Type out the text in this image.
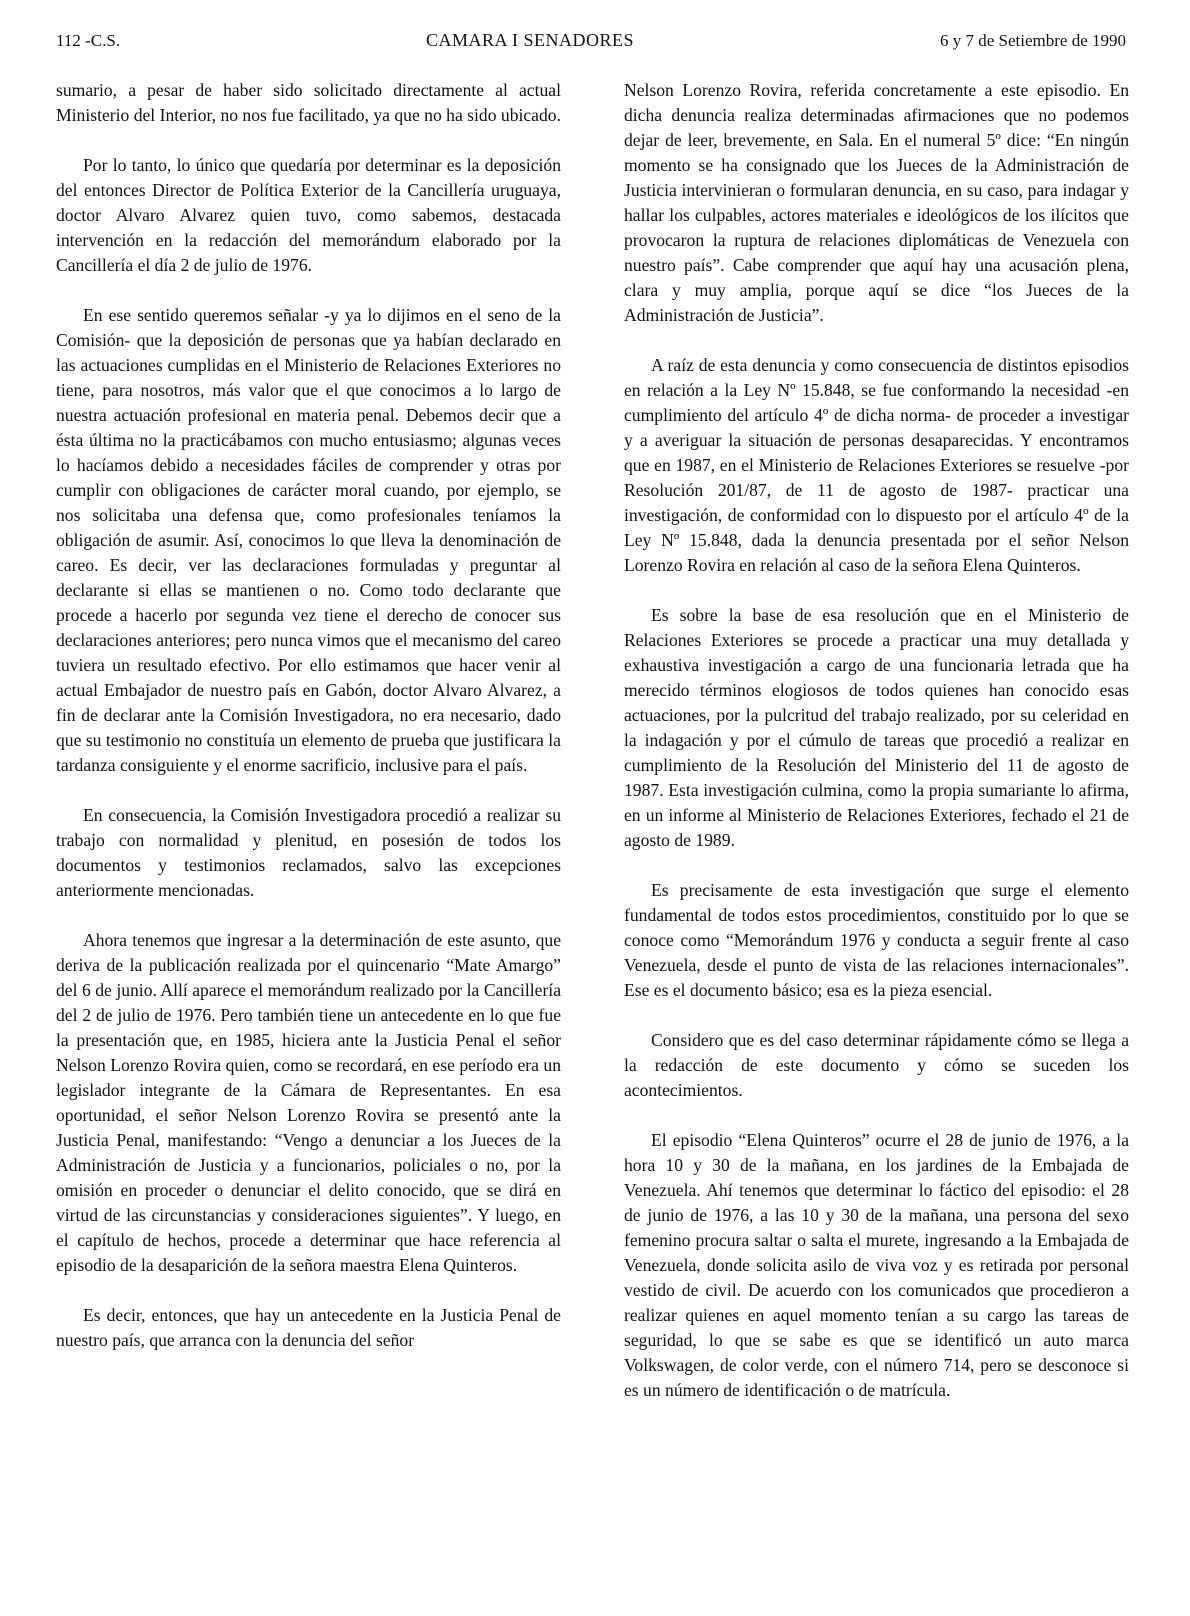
112 -C.S.	CAMARA I SENADORES	6 y 7 de Setiembre de 1990

sumario, a pesar de haber sido solicitado directamente al actual Ministerio del Interior, no nos fue facilitado, ya que no ha sido ubicado.

Por lo tanto, lo único que quedaría por determinar es la deposición del entonces Director de Política Exterior de la Cancillería uruguaya, doctor Alvaro Alvarez quien tuvo, como sabemos, destacada intervención en la redacción del memorándum elaborado por la Cancillería el día 2 de julio de 1976.

En ese sentido queremos señalar -y ya lo dijimos en el seno de la Comisión- que la deposición de personas que ya habían declarado en las actuaciones cumplidas en el Ministerio de Relaciones Exteriores no tiene, para nosotros, más valor que el que conocimos a lo largo de nuestra actuación profesional en materia penal. Debemos decir que a ésta última no la practicábamos con mucho entusiasmo; algunas veces lo hacíamos debido a necesidades fáciles de comprender y otras por cumplir con obligaciones de carácter moral cuando, por ejemplo, se nos solicitaba una defensa que, como profesionales teníamos la obligación de asumir. Así, conocimos lo que lleva la denominación de careo. Es decir, ver las declaraciones formuladas y preguntar al declarante si ellas se mantienen o no. Como todo declarante que procede a hacerlo por segunda vez tiene el derecho de conocer sus declaraciones anteriores; pero nunca vimos que el mecanismo del careo tuviera un resultado efectivo. Por ello estimamos que hacer venir al actual Embajador de nuestro país en Gabón, doctor Alvaro Alvarez, a fin de declarar ante la Comisión Investigadora, no era necesario, dado que su testimonio no constituía un elemento de prueba que justificara la tardanza consiguiente y el enorme sacrificio, inclusive para el país.

En consecuencia, la Comisión Investigadora procedió a realizar su trabajo con normalidad y plenitud, en posesión de todos los documentos y testimonios reclamados, salvo las excepciones anteriormente mencionadas.

Ahora tenemos que ingresar a la determinación de este asunto, que deriva de la publicación realizada por el quincenario “Mate Amargo” del 6 de junio. Allí aparece el memorándum realizado por la Cancillería del 2 de julio de 1976. Pero también tiene un antecedente en lo que fue la presentación que, en 1985, hiciera ante la Justicia Penal el señor Nelson Lorenzo Rovira quien, como se recordará, en ese período era un legislador integrante de la Cámara de Representantes. En esa oportunidad, el señor Nelson Lorenzo Rovira se presentó ante la Justicia Penal, manifestando: “Vengo a denunciar a los Jueces de la Administración de Justicia y a funcionarios, policiales o no, por la omisión en proceder o denunciar el delito conocido, que se dirá en virtud de las circunstancias y consideraciones siguientes”. Y luego, en el capítulo de hechos, procede a determinar que hace referencia al episodio de la desaparición de la señora maestra Elena Quinteros.

Es decir, entonces, que hay un antecedente en la Justicia Penal de nuestro país, que arranca con la denuncia del señor

Nelson Lorenzo Rovira, referida concretamente a este episodio. En dicha denuncia realiza determinadas afirmaciones que no podemos dejar de leer, brevemente, en Sala. En el numeral 5º dice: “En ningún momento se ha consignado que los Jueces de la Administración de Justicia intervinieran o formularan denuncia, en su caso, para indagar y hallar los culpables, actores materiales e ideológicos de los ilícitos que provocaron la ruptura de relaciones diplomáticas de Venezuela con nuestro país”. Cabe comprender que aquí hay una acusación plena, clara y muy amplia, porque aquí se dice “los Jueces de la Administración de Justicia”.

A raíz de esta denuncia y como consecuencia de distintos episodios en relación a la Ley Nº 15.848, se fue conformando la necesidad -en cumplimiento del artículo 4º de dicha norma- de proceder a investigar y a averiguar la situación de personas desaparecidas. Y encontramos que en 1987, en el Ministerio de Relaciones Exteriores se resuelve -por Resolución 201/87, de 11 de agosto de 1987- practicar una investigación, de conformidad con lo dispuesto por el artículo 4º de la Ley Nº 15.848, dada la denuncia presentada por el señor Nelson Lorenzo Rovira en relación al caso de la señora Elena Quinteros.

Es sobre la base de esa resolución que en el Ministerio de Relaciones Exteriores se procede a practicar una muy detallada y exhaustiva investigación a cargo de una funcionaria letrada que ha merecido términos elogiosos de todos quienes han conocido esas actuaciones, por la pulcritud del trabajo realizado, por su celeridad en la indagación y por el cúmulo de tareas que procedió a realizar en cumplimiento de la Resolución del Ministerio del 11 de agosto de 1987. Esta investigación culmina, como la propia sumariante lo afirma, en un informe al Ministerio de Relaciones Exteriores, fechado el 21 de agosto de 1989.

Es precisamente de esta investigación que surge el elemento fundamental de todos estos procedimientos, constituido por lo que se conoce como “Memorándum 1976 y conducta a seguir frente al caso Venezuela, desde el punto de vista de las relaciones internacionales”. Ese es el documento básico; esa es la pieza esencial.

Considero que es del caso determinar rápidamente cómo se llega a la redacción de este documento y cómo se suceden los acontecimientos.

El episodio “Elena Quinteros” ocurre el 28 de junio de 1976, a la hora 10 y 30 de la mañana, en los jardines de la Embajada de Venezuela. Ahí tenemos que determinar lo fáctico del episodio: el 28 de junio de 1976, a las 10 y 30 de la mañana, una persona del sexo femenino procura saltar o salta el murete, ingresando a la Embajada de Venezuela, donde solicita asilo de viva voz y es retirada por personal vestido de civil. De acuerdo con los comunicados que procedieron a realizar quienes en aquel momento tenían a su cargo las tareas de seguridad, lo que se sabe es que se identificó un auto marca Volkswagen, de color verde, con el número 714, pero se desconoce si es un número de identificación o de matrícula.
